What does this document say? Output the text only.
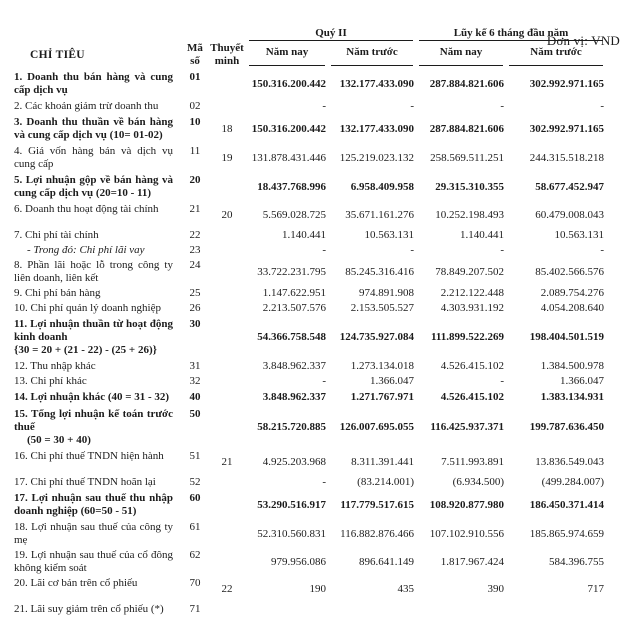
Đơn vị: VND

			Quý II		Lũy kế 6 tháng đầu năm	

CHỈ TIÊU	Mã số	Thuyết minh	Năm nay	Năm trước	Năm nay	Năm trước

1. Doanh thu bán hàng và cung cấp dịch vụ	01		150.316.200.442	132.177.433.090	287.884.821.606	302.992.971.165
2. Các khoản giảm trừ doanh thu	02		-	-	-	-
3. Doanh thu thuần về bán hàng và cung cấp dịch vụ (10= 01-02)	10	18	150.316.200.442	132.177.433.090	287.884.821.606	302.992.971.165
4. Giá vốn hàng bán và dịch vụ cung cấp	11	19	131.878.431.446	125.219.023.132	258.569.511.251	244.315.518.218
5. Lợi nhuận gộp về bán hàng và cung cấp dịch vụ (20=10 - 11)	20		18.437.768.996	6.958.409.958	29.315.310.355	58.677.452.947
6. Doanh thu hoạt động tài chính	21	20	5.569.028.725	35.671.161.276	10.252.198.493	60.479.008.043
7. Chi phí tài chính	22		1.140.441	10.563.131	1.140.441	10.563.131
- Trong đó: Chi phí lãi vay	23		-	-	-	-
8. Phần lãi hoặc lỗ trong công ty liên doanh, liên kết	24		33.722.231.795	85.245.316.416	78.849.207.502	85.402.566.576
9. Chi phí bán hàng	25		1.147.622.951	974.891.908	2.212.122.448	2.089.754.276
10. Chi phí quản lý doanh nghiệp	26		2.213.507.576	2.153.505.527	4.303.931.192	4.054.208.640
11. Lợi nhuận thuần từ hoạt động kinh doanh
{30 = 20 + (21 - 22) - (25 + 26)}	30		54.366.758.548	124.735.927.084	111.899.522.269	198.404.501.519
12. Thu nhập khác	31		3.848.962.337	1.273.134.018	4.526.415.102	1.384.500.978
13. Chi phí khác	32		-	1.366.047	-	1.366.047
14. Lợi nhuận khác (40 = 31 - 32)	40		3.848.962.337	1.271.767.971	4.526.415.102	1.383.134.931
15. Tổng lợi nhuận kế toán trước thuế
(50 = 30 + 40)	50		58.215.720.885	126.007.695.055	116.425.937.371	199.787.636.450
16. Chi phí thuế TNDN hiện hành	51	21	4.925.203.968	8.311.391.441	7.511.993.891	13.836.549.043
17. Chi phí thuế TNDN hoãn lại	52		-	(83.214.001)	(6.934.500)	(499.284.007)
17. Lợi nhuận sau thuế thu nhập doanh nghiệp (60=50 - 51)	60		53.290.516.917	117.779.517.615	108.920.877.980	186.450.371.414
18. Lợi nhuận sau thuế của công ty mẹ	61		52.310.560.831	116.882.876.466	107.102.910.556	185.865.974.659
19. Lợi nhuận sau thuế của cổ đông không kiểm soát	62		979.956.086	896.641.149	1.817.967.424	584.396.755
20. Lãi cơ bản trên cổ phiếu	70	22	190	435	390	717
21. Lãi suy giảm trên cổ phiếu (*)	71					
